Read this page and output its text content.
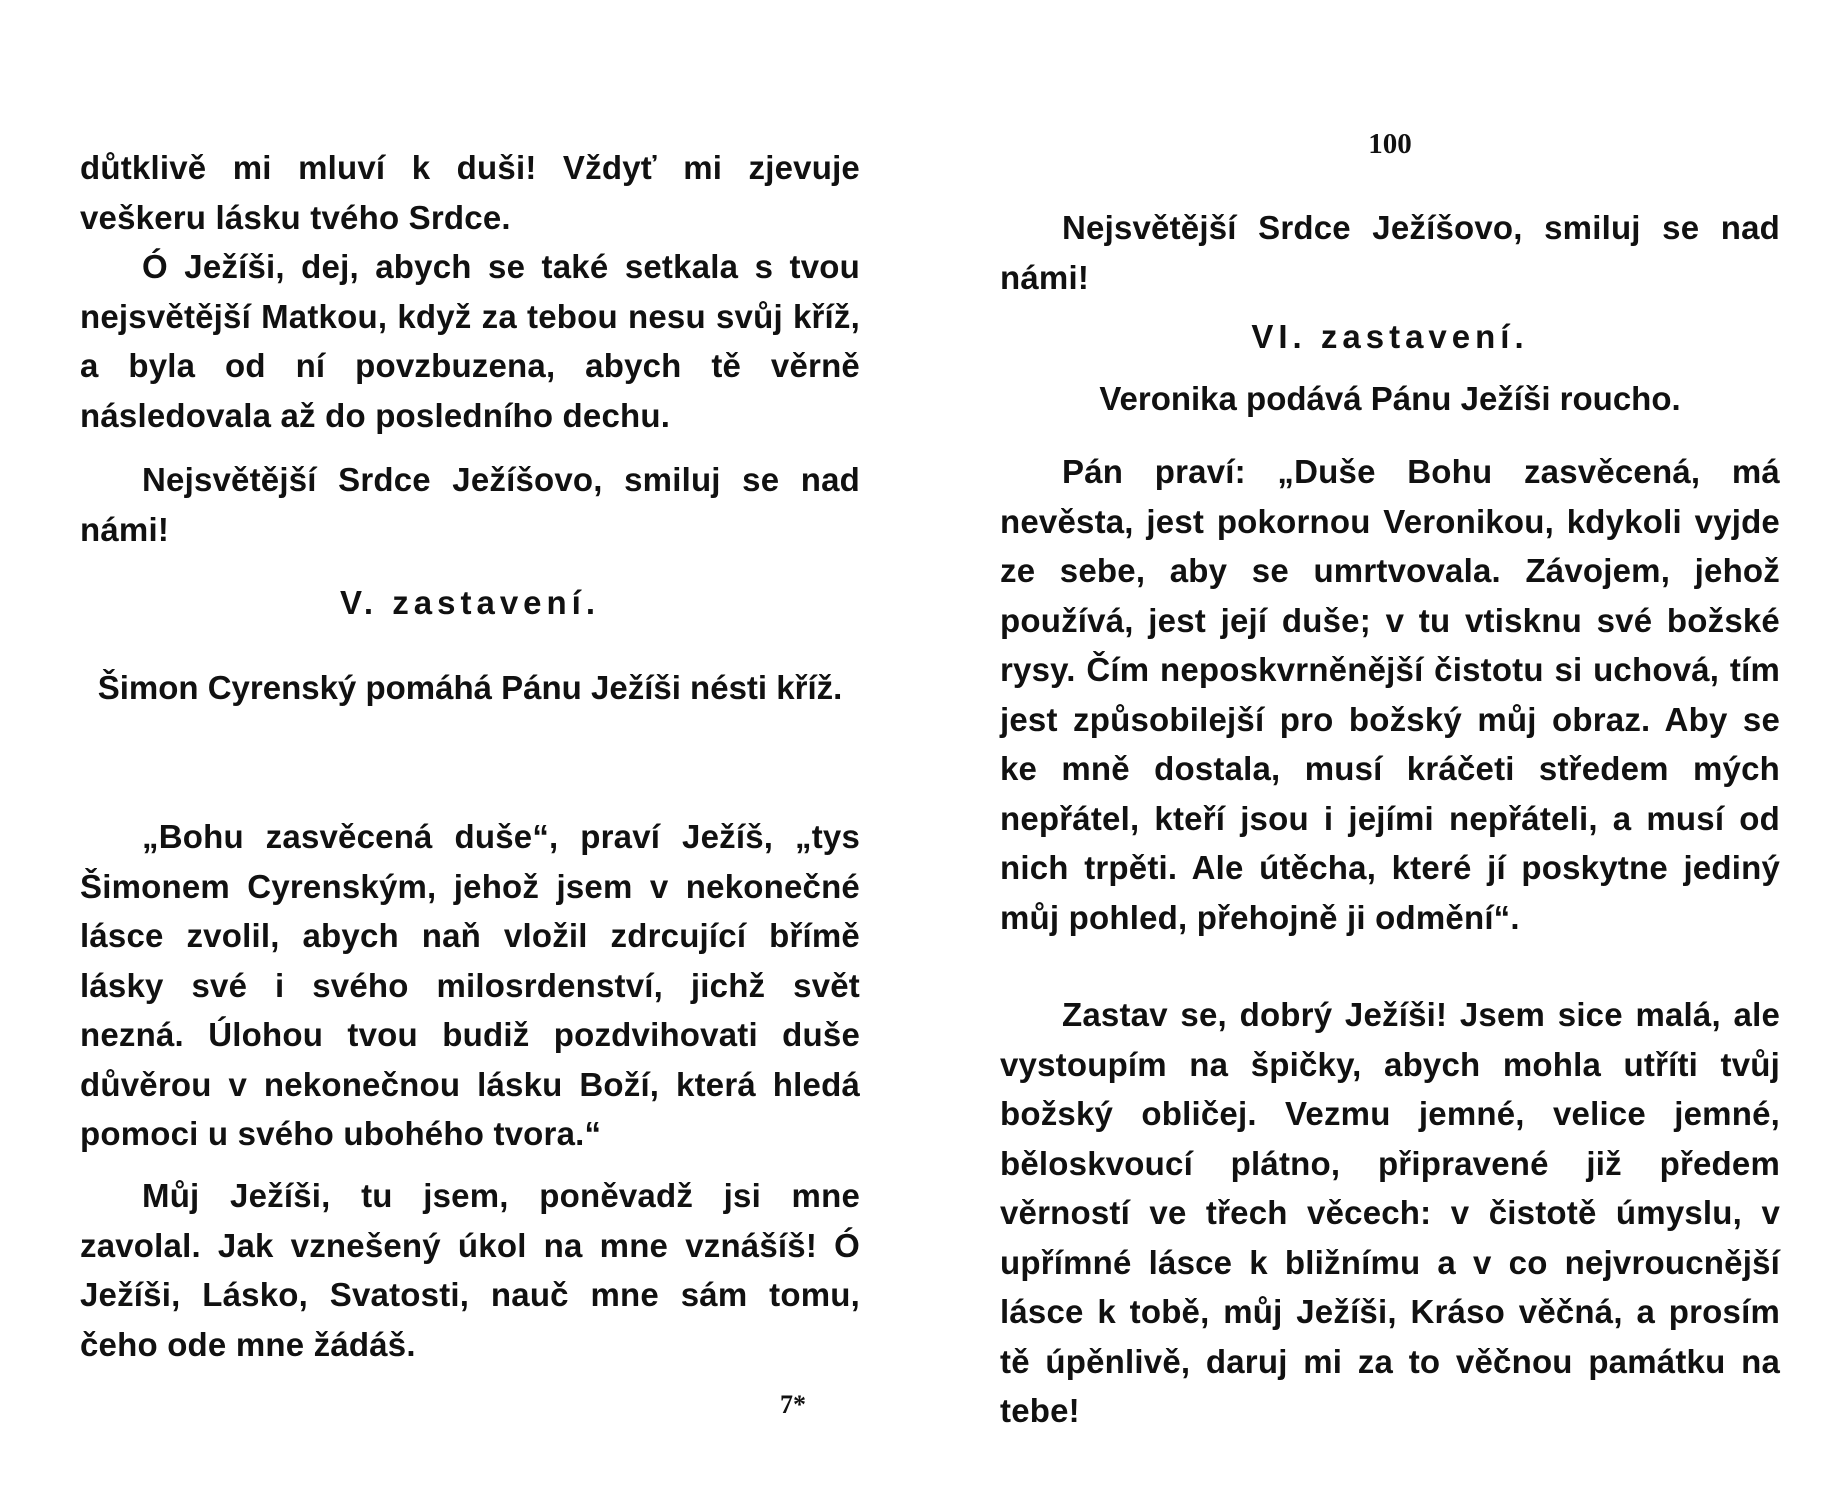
důtklivě mi mluví k duši! Vždyť mi zjevuje veškeru lásku tvého Srdce.

Ó Ježíši, dej, abych se také setkala s tvou nejsvětější Matkou, když za tebou nesu svůj kříž, a byla od ní povzbuzena, abych tě věrně následovala až do posledního dechu.

Nejsvětější Srdce Ježíšovo, smiluj se nad námi!

V. zastavení.
Šimon Cyrenský pomáhá Pánu Ježíši nésti kříž.

„Bohu zasvěcená duše“, praví Ježíš, „tys Šimonem Cyrenským, jehož jsem v nekonečné lásce zvolil, abych naň vložil zdrcující břímě lásky své i svého milosrdenství, jichž svět nezná. Úlohou tvou budiž pozdvihovati duše důvěrou v nekonečnou lásku Boží, která hledá pomoci u svého ubohého tvora.“

Můj Ježíši, tu jsem, poněvadž jsi mne zavolal. Jak vznešený úkol na mne vznášíš! Ó Ježíši, Lásko, Svatosti, nauč mne sám tomu, čeho ode mne žádáš.

7*
100

Nejsvětější Srdce Ježíšovo, smiluj se nad námi!

VI. zastavení.
Veronika podává Pánu Ježíši roucho.

Pán praví: „Duše Bohu zasvěcená, má nevěsta, jest pokornou Veronikou, kdykoli vyjde ze sebe, aby se umrtvovala. Závojem, jehož používá, jest její duše; v tu vtisknu své božské rysy. Čím neposkvrněnější čistotu si uchová, tím jest způsobilejší pro božský můj obraz. Aby se ke mně dostala, musí kráčeti středem mých nepřátel, kteří jsou i jejími nepřáteli, a musí od nich trpěti. Ale útěcha, které jí poskytne jediný můj pohled, přehojně ji odmění“.

Zastav se, dobrý Ježíši! Jsem sice malá, ale vystoupím na špičky, abych mohla utříti tvůj božský obličej. Vezmu jemné, velice jemné, běloskvoucí plátno, připravené již předem věrností ve třech věcech: v čistotě úmyslu, v upřímné lásce k bližnímu a v co nejvroucnější lásce k tobě, můj Ježíši, Kráso věčná, a prosím tě úpěnlivě, daruj mi za to věčnou památku na tebe!
